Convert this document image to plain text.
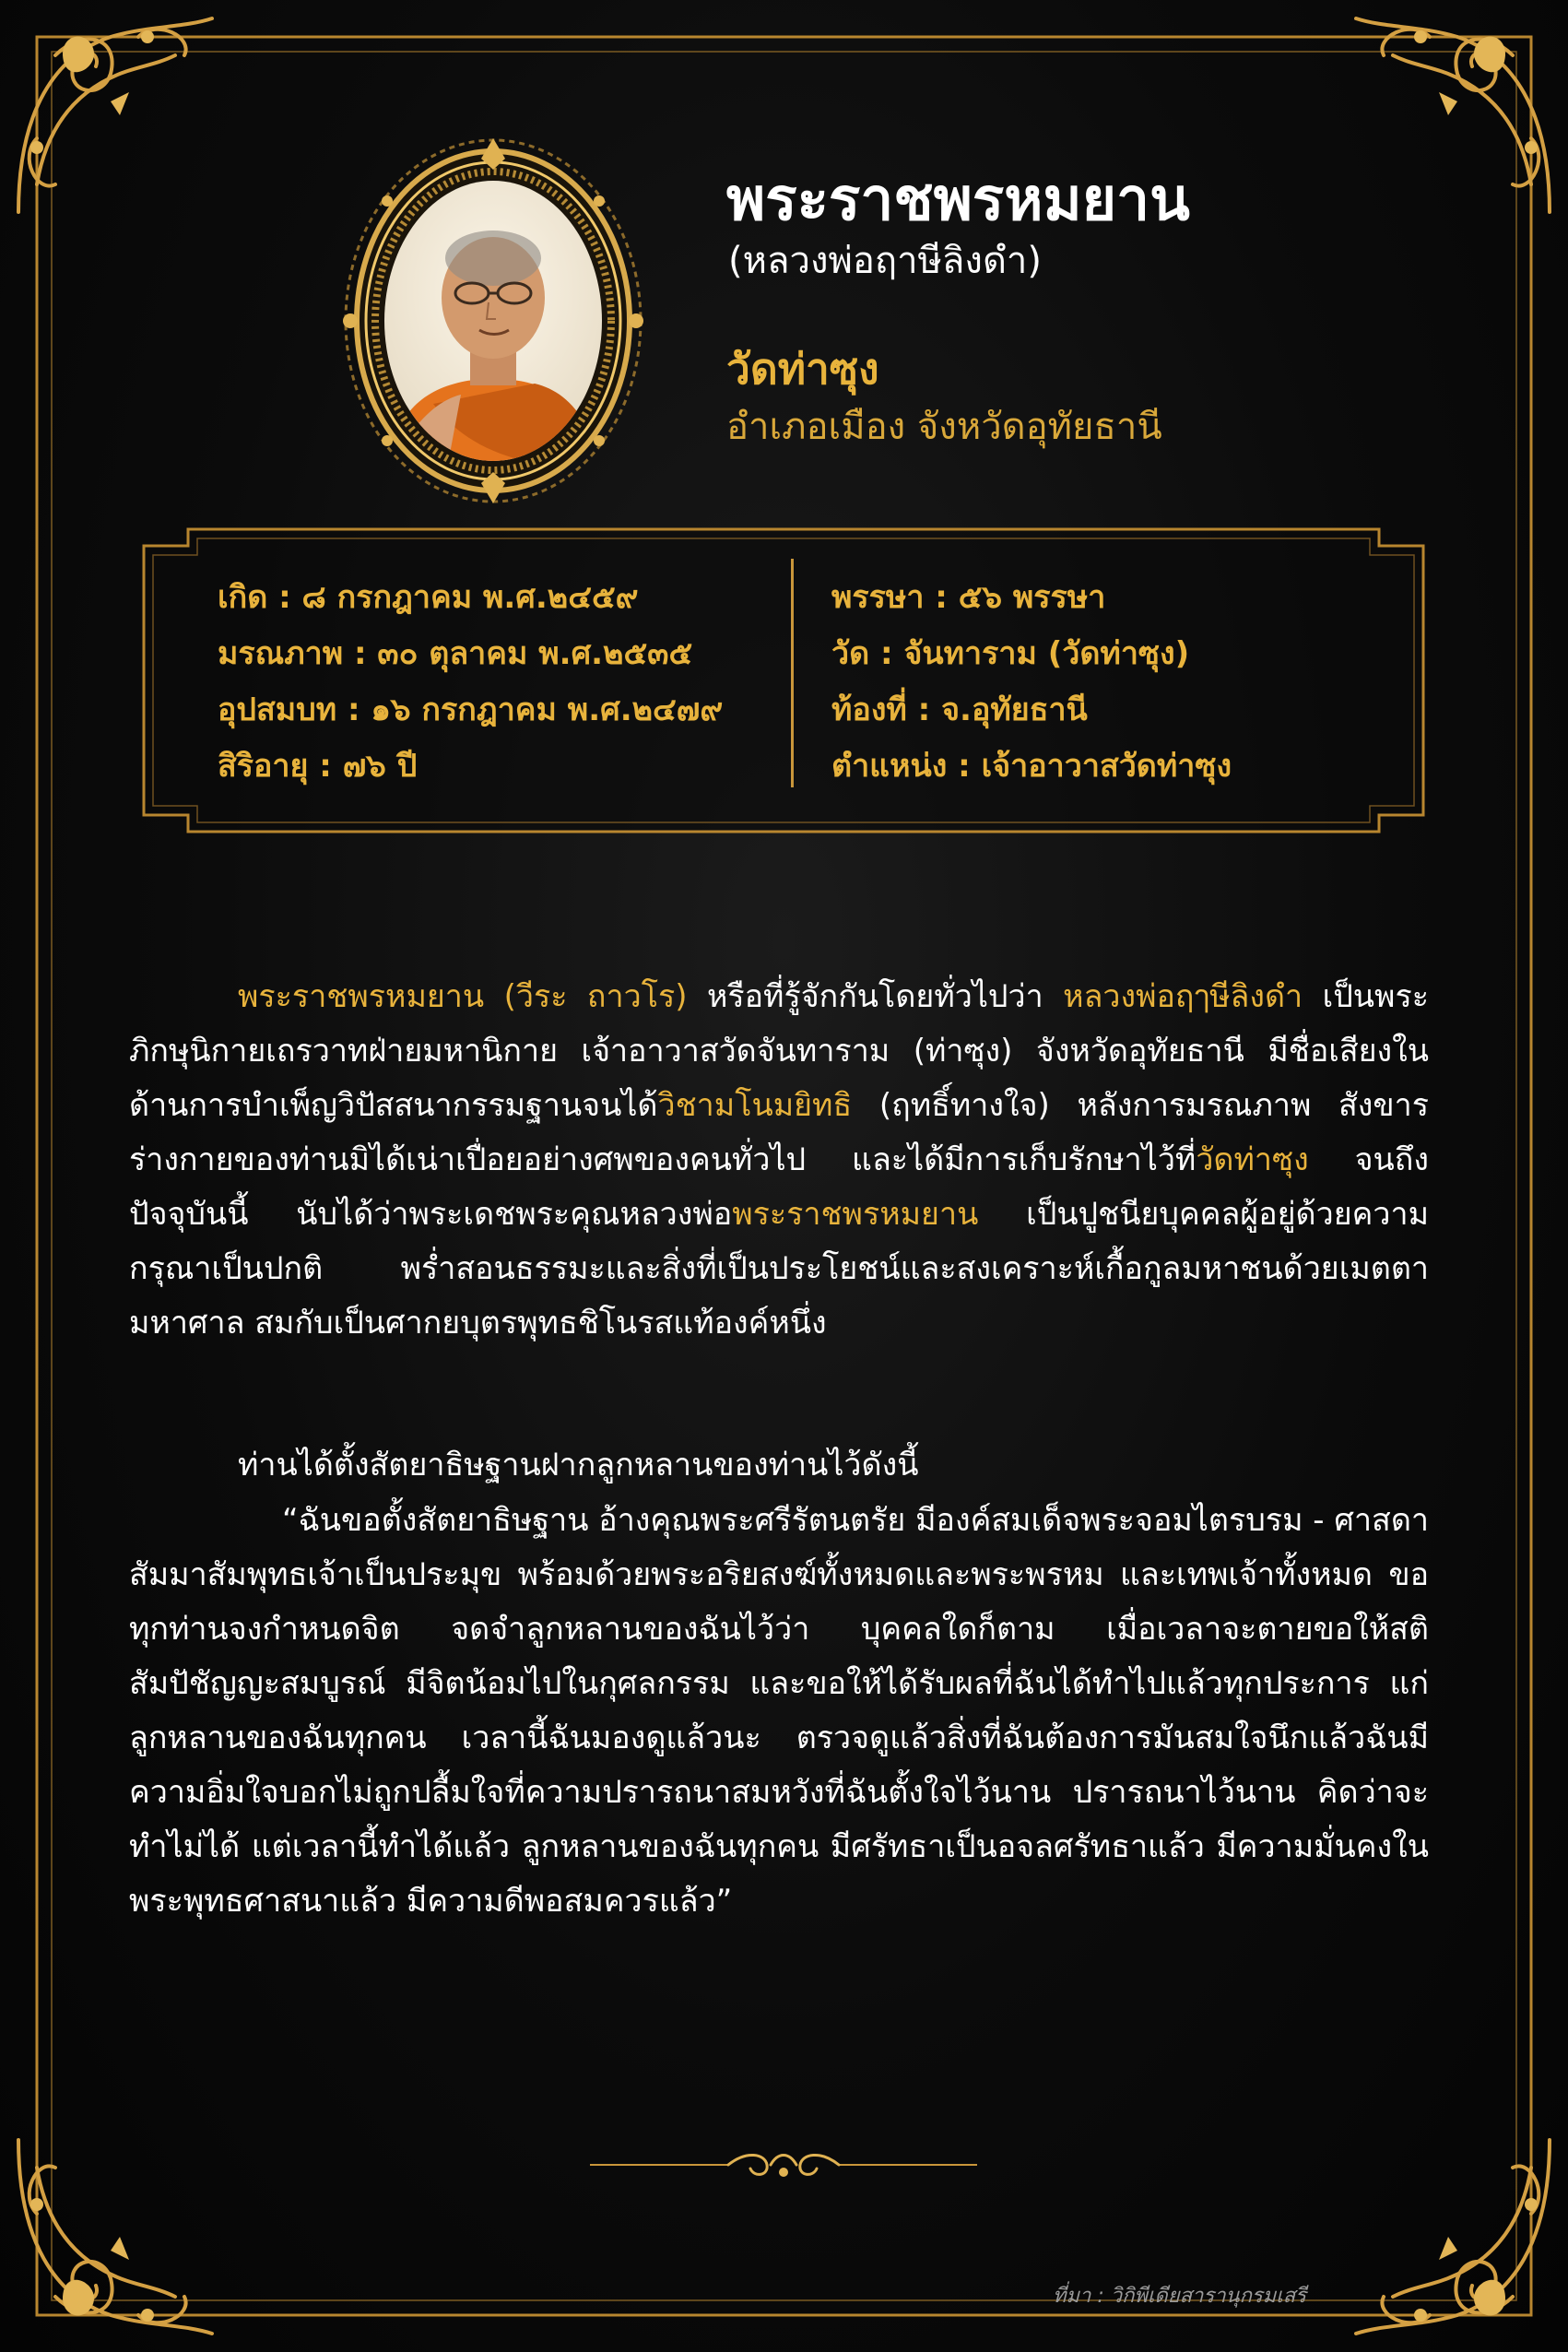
พระราชพรหมยาน
(หลวงพ่อฤาษีลิงดำ)
วัดท่าซุง
อำเภอเมือง จังหวัดอุทัยธานี
เกิด : ๘ กรกฎาคม พ.ศ.๒๔๕๙
มรณภาพ : ๓๐ ตุลาคม พ.ศ.๒๕๓๕
อุปสมบท : ๑๖ กรกฎาคม พ.ศ.๒๔๗๙
สิริอายุ : ๗๖ ปี
พรรษา : ๕๖ พรรษา
วัด : จันทาราม (วัดท่าซุง)
ท้องที่ : จ.อุทัยธานี
ตำแหน่ง : เจ้าอาวาสวัดท่าซุง
พระราชพรหมยาน (วีระ ถาวโร) หรือที่รู้จักกันโดยทั่วไปว่า หลวงพ่อฤๅษีลิงดำ เป็นพระภิกษุนิกายเถรวาทฝ่ายมหานิกาย เจ้าอาวาสวัดจันทาราม (ท่าซุง) จังหวัดอุทัยธานี มีชื่อเสียงในด้านการบำเพ็ญวิปัสสนากรรมฐานจนได้วิชามโนมยิทธิ (ฤทธิ์ทางใจ) หลังการมรณภาพ สังขารร่างกายของท่านมิได้เน่าเปื่อยอย่างศพของคนทั่วไป และได้มีการเก็บรักษาไว้ที่วัดท่าซุง จนถึงปัจจุบันนี้ นับได้ว่าพระเดชพระคุณหลวงพ่อพระราชพรหมยาน เป็นปูชนียบุคคลผู้อยู่ด้วยความกรุณาเป็นปกติ พร่ำสอนธรรมะและสิ่งที่เป็นประโยชน์และสงเคราะห์เกื้อกูลมหาชนด้วยเมตตามหาศาล สมกับเป็นศากยบุตรพุทธชิโนรสแท้องค์หนึ่ง
ท่านได้ตั้งสัตยาธิษฐานฝากลูกหลานของท่านไว้ดังนี้
“ฉันขอตั้งสัตยาธิษฐาน อ้างคุณพระศรีรัตนตรัย มีองค์สมเด็จพระจอมไตรบรม - ศาสดาสัมมาสัมพุทธเจ้าเป็นประมุข พร้อมด้วยพระอริยสงฆ์ทั้งหมดและพระพรหม และเทพเจ้าทั้งหมด ขอทุกท่านจงกำหนดจิต จดจำลูกหลานของฉันไว้ว่า บุคคลใดก็ตาม เมื่อเวลาจะตายขอให้สติ สัมปัชัญญะสมบูรณ์ มีจิตน้อมไปในกุศลกรรม และขอให้ได้รับผลที่ฉันได้ทำไปแล้วทุกประการ แก่ลูกหลานของฉันทุกคน เวลานี้ฉันมองดูแล้วนะ ตรวจดูแล้วสิ่งที่ฉันต้องการมันสมใจนึกแล้วฉันมีความอิ่มใจบอกไม่ถูกปลื้มใจที่ความปรารถนาสมหวังที่ฉันตั้งใจไว้นาน ปรารถนาไว้นาน คิดว่าจะทำไม่ได้ แต่เวลานี้ทำได้แล้ว ลูกหลานของฉันทุกคน มีศรัทธาเป็นอจลศรัทธาแล้ว มีความมั่นคงในพระพุทธศาสนาแล้ว มีความดีพอสมควรแล้ว”
ที่มา : วิกิพีเดียสารานุกรมเสรี
